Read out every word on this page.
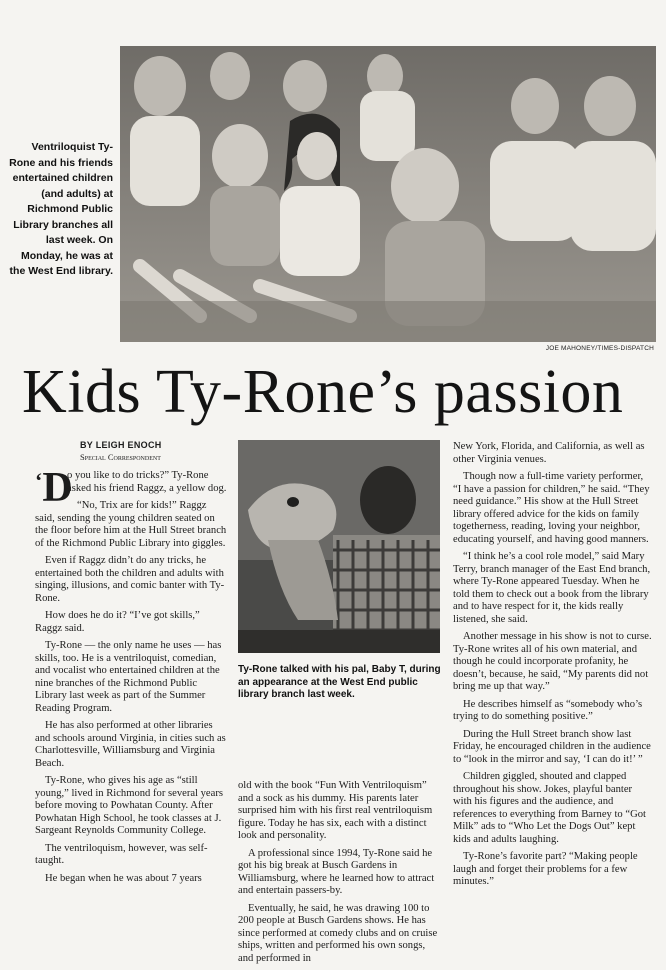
Ventriloquist Ty-Rone and his friends entertained children (and adults) at Richmond Public Library branches all last week. On Monday, he was at the West End library.
JOE MAHONEY/TIMES-DISPATCH
Kids Ty-Rone’s passion
BY LEIGH ENOCH
Special Correspondent
‘D

o you like to do tricks?” Ty-Rone asked his friend Raggz, a yellow dog.

“No, Trix are for kids!” Raggz said, sending the young children seated on the floor before him at the Hull Street branch of the Richmond Public Library into giggles.

Even if Raggz didn’t do any tricks, he entertained both the children and adults with singing, illusions, and comic banter with Ty-Rone.

How does he do it? “I’ve got skills,” Raggz said.

Ty-Rone — the only name he uses — has skills, too. He is a ventriloquist, comedian, and vocalist who entertained children at the nine branches of the Richmond Public Library last week as part of the Summer Reading Program.

He has also performed at other libraries and schools around Virginia, in cities such as Charlottesville, Williamsburg and Virginia Beach.

Ty-Rone, who gives his age as “still young,” lived in Richmond for several years before moving to Powhatan County. After Powhatan High School, he took classes at J. Sargeant Reynolds Community College.

The ventriloquism, however, was self-taught.

He began when he was about 7 years

Ty-Rone talked with his pal, Baby T, during an appearance at the West End public library branch last week.

old with the book “Fun With Ventriloquism” and a sock as his dummy. His parents later surprised him with his first real ventriloquism figure. Today he has six, each with a distinct look and personality.

A professional since 1994, Ty-Rone said he got his big break at Busch Gardens in Williamsburg, where he learned how to attract and entertain passers-by.

Eventually, he said, he was drawing 100 to 200 people at Busch Gardens shows. He has since performed at comedy clubs and on cruise ships, written and performed his own songs, and performed in

New York, Florida, and California, as well as other Virginia venues.

Though now a full-time variety performer, “I have a passion for children,” he said. “They need guidance.” His show at the Hull Street library offered advice for the kids on family togetherness, reading, loving your neighbor, educating yourself, and having good manners.

“I think he’s a cool role model,” said Mary Terry, branch manager of the East End branch, where Ty-Rone appeared Tuesday. When he told them to check out a book from the library and to have respect for it, the kids really listened, she said.

Another message in his show is not to curse. Ty-Rone writes all of his own material, and though he could incorporate profanity, he doesn’t, because, he said, “My parents did not bring me up that way.”

He describes himself as “somebody who’s trying to do something positive.”

During the Hull Street branch show last Friday, he encouraged children in the audience to “look in the mirror and say, ‘I can do it!’ ”

Children giggled, shouted and clapped throughout his show. Jokes, playful banter with his figures and the audience, and references to everything from Barney to “Got Milk” ads to “Who Let the Dogs Out” kept kids and adults laughing.

Ty-Rone’s favorite part? “Making people laugh and forget their problems for a few minutes.”
